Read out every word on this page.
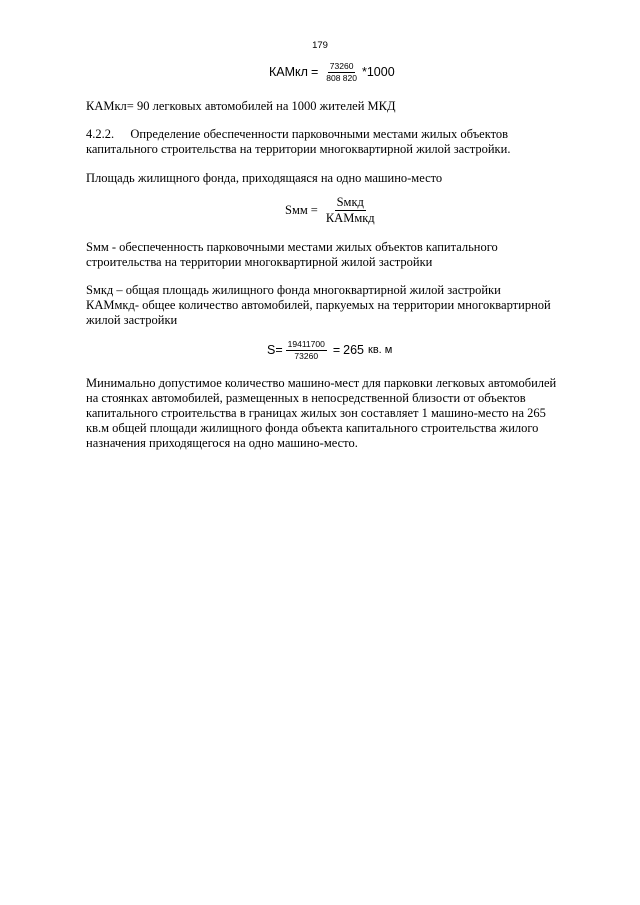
179
КАМкл = $\frac{73260}{808 820} *1000$
КАМкл= 90 легковых автомобилей на 1000 жителей МКД
4.2.2. Определение обеспеченности парковочными местами жилых объектов
капитального строительства на территории многоквартирной жилой застройки.
Площадь жилищного фонда, приходящаяся на одно машино-место
Sмм = $\frac{\text{Sмкд}}{\text{КАМмкд}}$
Sмм - обеспеченность парковочными местами жилых объектов капитального
строительства на территории многоквартирной жилой застройки
Sмкд – общая площадь жилищного фонда многоквартирной жилой застройки
КАМмкд- общее количество автомобилей, паркуемых на территории многоквартирной
жилой застройки
$S= \frac{19411700}{73260} = 265$ кв. м
Минимально допустимое количество машино-мест для парковки легковых автомобилей
на стоянках автомобилей, размещенных в непосредственной близости от объектов
капитального строительства в границах жилых зон составляет 1 машино-место на 265
кв.м общей площади жилищного фонда объекта капитального строительства жилого
назначения приходящегося на одно машино-место.
